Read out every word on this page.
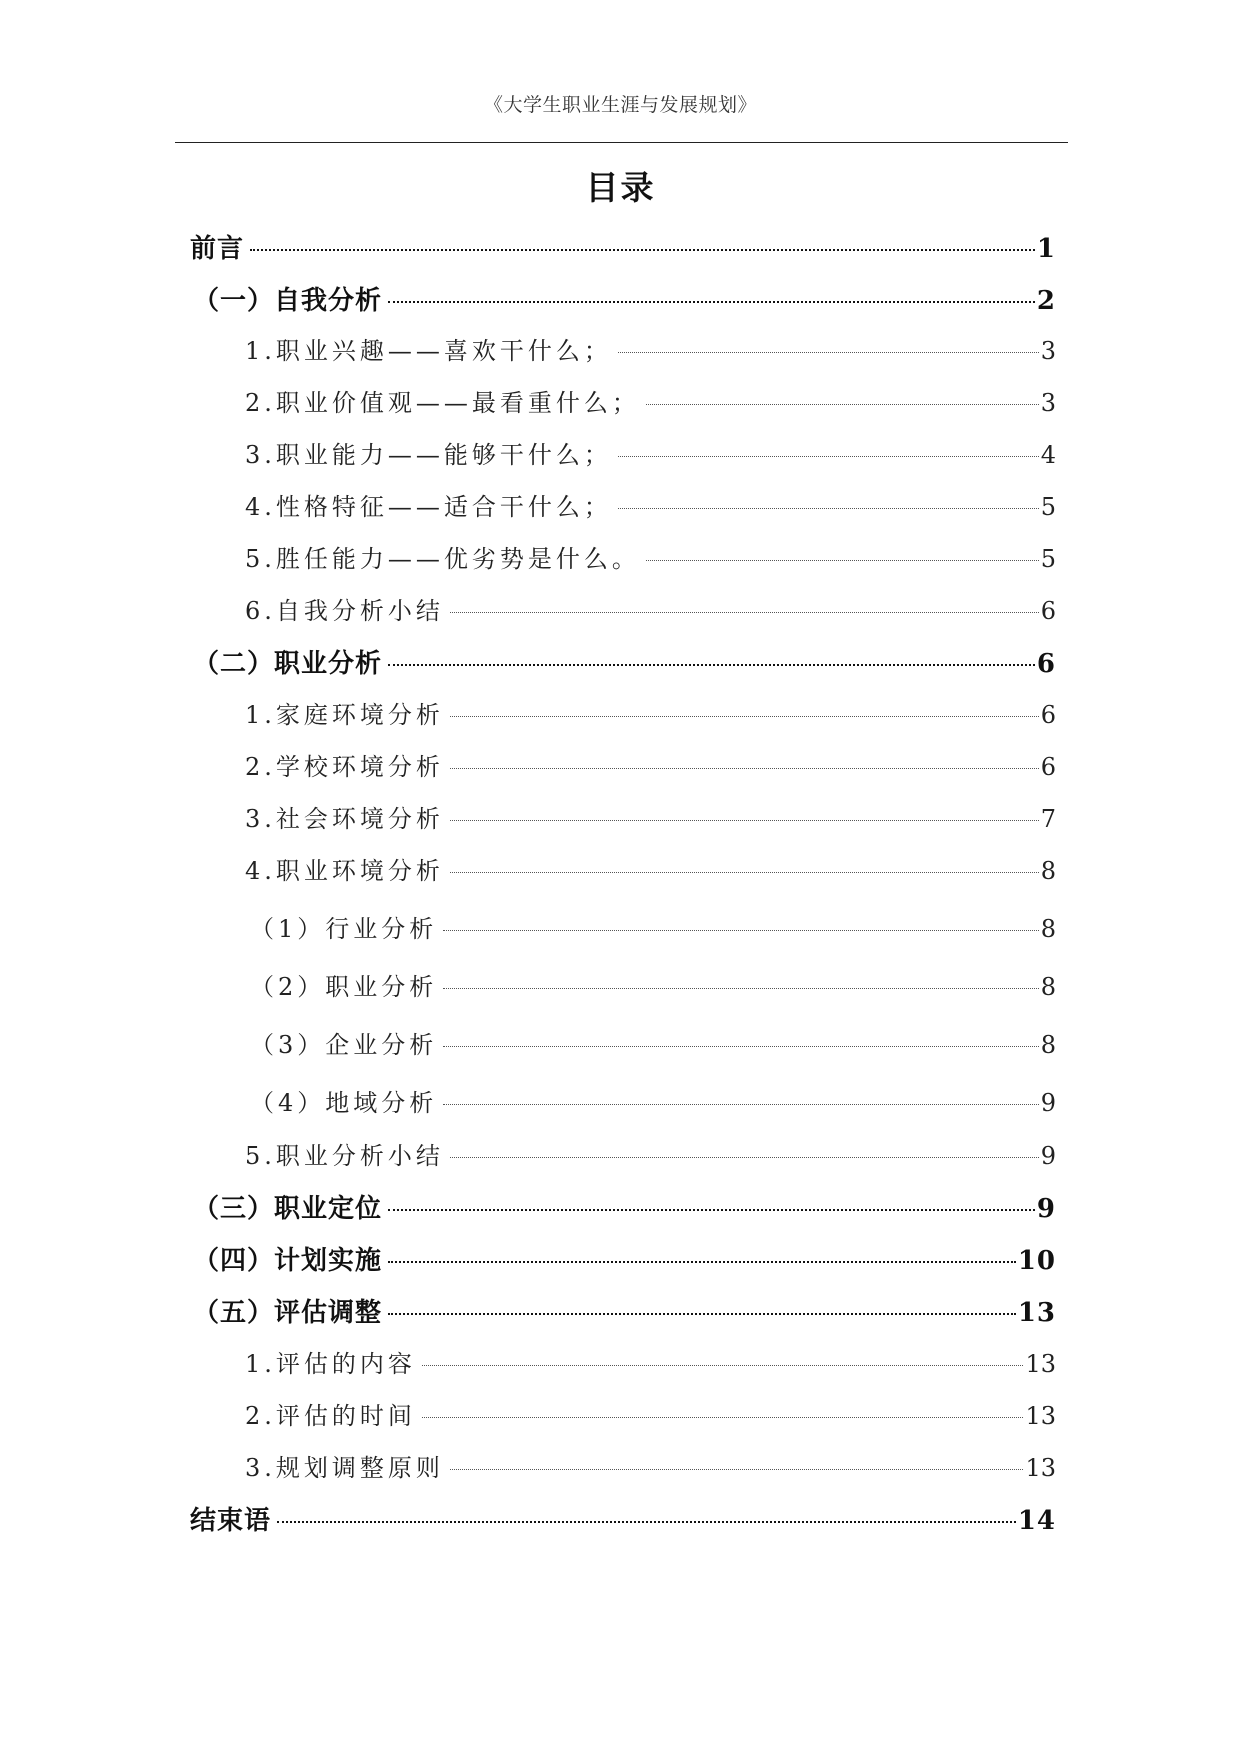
《大学生职业生涯与发展规划》
目录
前言	1
（一）自我分析	2
1.职业兴趣——喜欢干什么；	3
2.职业价值观——最看重什么；	3
3.职业能力——能够干什么；	4
4.性格特征——适合干什么；	5
5.胜任能力——优劣势是什么。	5
6.自我分析小结	6
（二）职业分析	6
1.家庭环境分析	6
2.学校环境分析	6
3.社会环境分析	7
4.职业环境分析	8
（1）行业分析	8
（2）职业分析	8
（3）企业分析	8
（4）地域分析	9
5.职业分析小结	9
（三）职业定位	9
（四）计划实施	10
（五）评估调整	13
1.评估的内容	13
2.评估的时间	13
3.规划调整原则	13
结束语	14
